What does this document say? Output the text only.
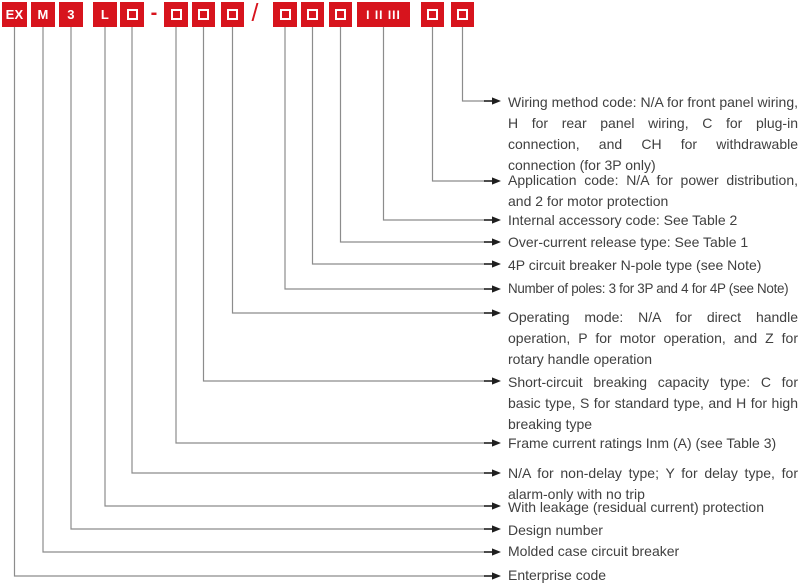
EX M 3 L -	/	I II III
Wiring method code: N/A for front panel wiring, H for rear panel wiring, C for plug-in connection, and CH for withdrawable connection (for 3P only)
Application code: N/A for power distribution, and 2 for motor protection
Internal accessory code: See Table 2
Over-current release type: See Table 1
4P circuit breaker N-pole type (see Note)
Number of poles: 3 for 3P and 4 for 4P (see Note)
Operating mode: N/A for direct handle operation, P for motor operation, and Z for rotary handle operation
Short-circuit breaking capacity type: C for basic type, S for standard type, and H for high breaking type
Frame current ratings Inm (A) (see Table 3)
N/A for non-delay type; Y for delay type, for alarm-only with no trip
With leakage (residual current) protection
Design number
Molded case circuit breaker
Enterprise code
